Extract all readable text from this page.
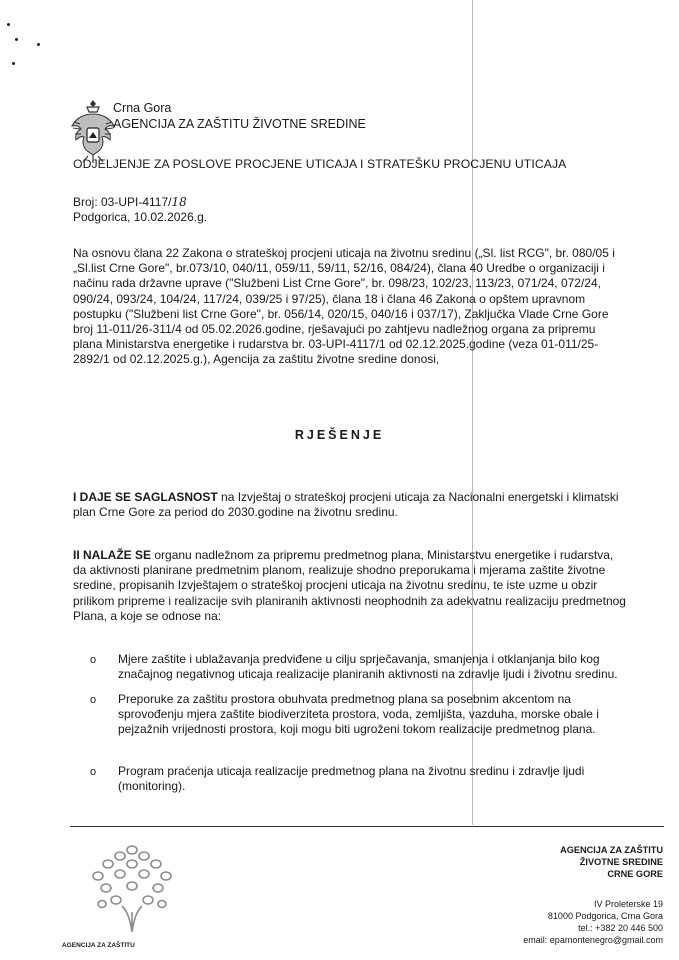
Crna Gora
AGENCIJA ZA ZAŠTITU ŽIVOTNE SREDINE
ODJELJENJE ZA POSLOVE PROCJENE UTICAJA I STRATEŠKU PROCJENU UTICAJA
Broj: 03-UPI-4117/18
Podgorica, 10.02.2026.g.
Na osnovu člana 22 Zakona o strateškoj procjeni uticaja na životnu sredinu („Sl. list RCG", br. 080/05 i
„Sl.list Crne Gore", br.073/10, 040/11, 059/11, 59/11, 52/16, 084/24), člana 40 Uredbe o organizaciji i
načinu rada državne uprave ("Službeni List Crne Gore", br. 098/23, 102/23, 113/23, 071/24, 072/24,
090/24, 093/24, 104/24, 117/24, 039/25 i 97/25), člana 18 i člana 46 Zakona o opštem upravnom
postupku ("Službeni list Crne Gore", br. 056/14, 020/15, 040/16 i 037/17), Zaključka Vlade Crne Gore
broj 11-011/26-311/4 od 05.02.2026.godine, rješavajući po zahtjevu nadležnog organa za pripremu
plana Ministarstva energetike i rudarstva br. 03-UPI-4117/1 od 02.12.2025.godine (veza 01-011/25-
2892/1 od 02.12.2025.g.), Agencija za zaštitu životne sredine donosi,
RJEŠENJE
I DAJE SE SAGLASNOST na Izvještaj o strateškoj procjeni uticaja za Nacionalni energetski i klimatski
plan Crne Gore za period do 2030.godine na životnu sredinu.
II NALAŽE SE organu nadležnom za pripremu predmetnog plana, Ministarstvu energetike i rudarstva,
da aktivnosti planirane predmetnim planom, realizuje shodno preporukama i mjerama zaštite životne
sredine, propisanih Izvještajem o strateškoj procjeni uticaja na životnu sredinu, te iste uzme u obzir
prilikom pripreme i realizacije svih planiranih aktivnosti neophodnih za adekvatnu realizaciju predmetnog
Plana, a koje se odnose na:
o Mjere zaštite i ublažavanja predviđene u cilju sprječavanja, smanjenja i otklanjanja bilo kog
značajnog negativnog uticaja realizacije planiranih aktivnosti na zdravlje ljudi i životnu sredinu.
o Preporuke za zaštitu prostora obuhvata predmetnog plana sa posebnim akcentom na
sprovođenju mjera zaštite biodiverziteta prostora, voda, zemljišta, vazduha, morske obale i
pejzažnih vrijednosti prostora, koji mogu biti ugroženi tokom realizacije predmetnog plana.
o Program praćenja uticaja realizacije predmetnog plana na životnu sredinu i zdravlje ljudi
(monitoring).
AGENCIJA ZA ZAŠTITU
AGENCIJA ZA ZAŠTITU
ŽIVOTNE SREDINE
CRNE GORE
IV Proleterske 19
81000 Podgorica, Crna Gora
tel.: +382 20 446 500
email: epamontenegro@gmail.com
